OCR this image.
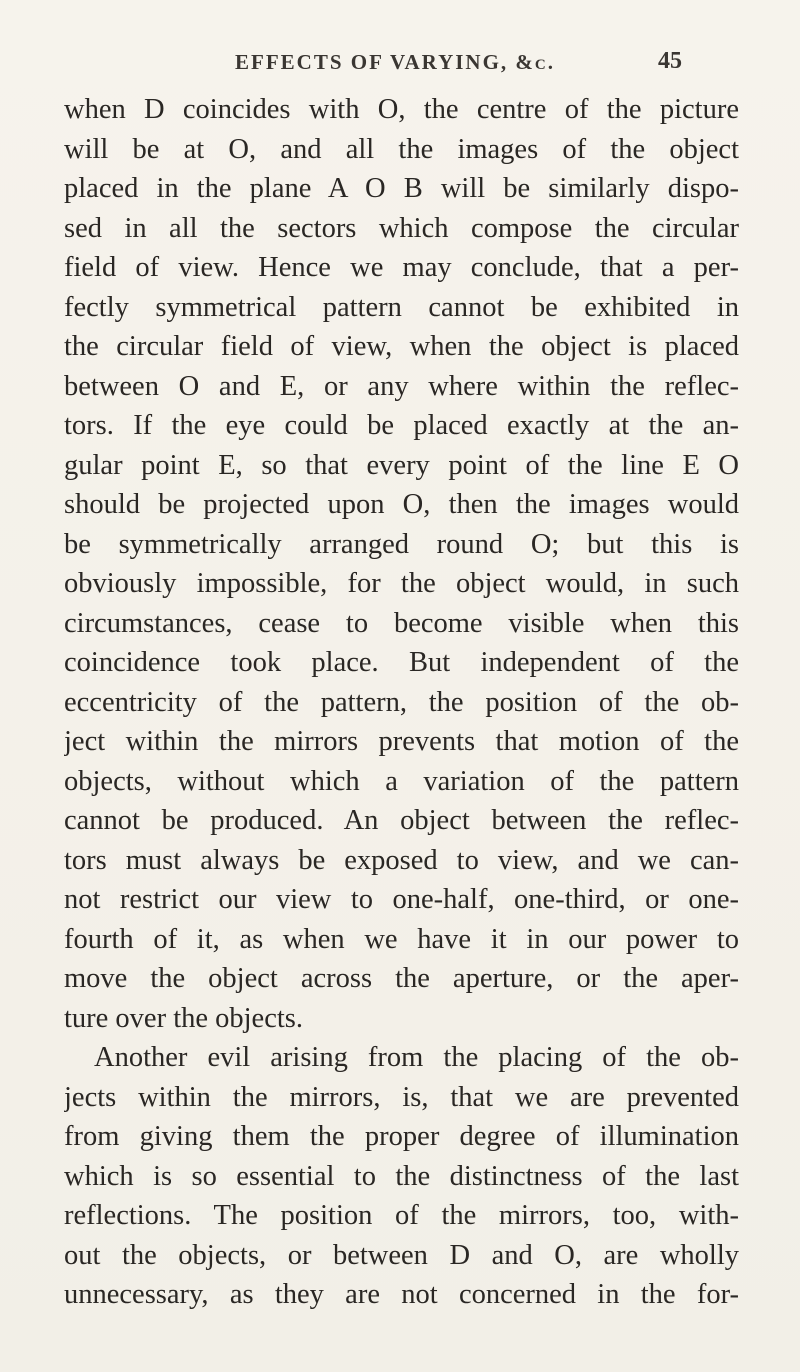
EFFECTS OF VARYING, &c.	45
when D coincides with O, the centre of the picture
will be at O, and all the images of the object
placed in the plane A O B will be similarly dispo-
sed in all the sectors which compose the circular
field of view. Hence we may conclude, that a per-
fectly symmetrical pattern cannot be exhibited in
the circular field of view, when the object is placed
between O and E, or any where within the reflec-
tors. If the eye could be placed exactly at the an-
gular point E, so that every point of the line E O
should be projected upon O, then the images would
be symmetrically arranged round O; but this is
obviously impossible, for the object would, in such
circumstances, cease to become visible when this
coincidence took place. But independent of the
eccentricity of the pattern, the position of the ob-
ject within the mirrors prevents that motion of the
objects, without which a variation of the pattern
cannot be produced. An object between the reflec-
tors must always be exposed to view, and we can-
not restrict our view to one-half, one-third, or one-
fourth of it, as when we have it in our power to
move the object across the aperture, or the aper-
ture over the objects.
Another evil arising from the placing of the ob-
jects within the mirrors, is, that we are prevented
from giving them the proper degree of illumination
which is so essential to the distinctness of the last
reflections. The position of the mirrors, too, with-
out the objects, or between D and O, are wholly
unnecessary, as they are not concerned in the for-
